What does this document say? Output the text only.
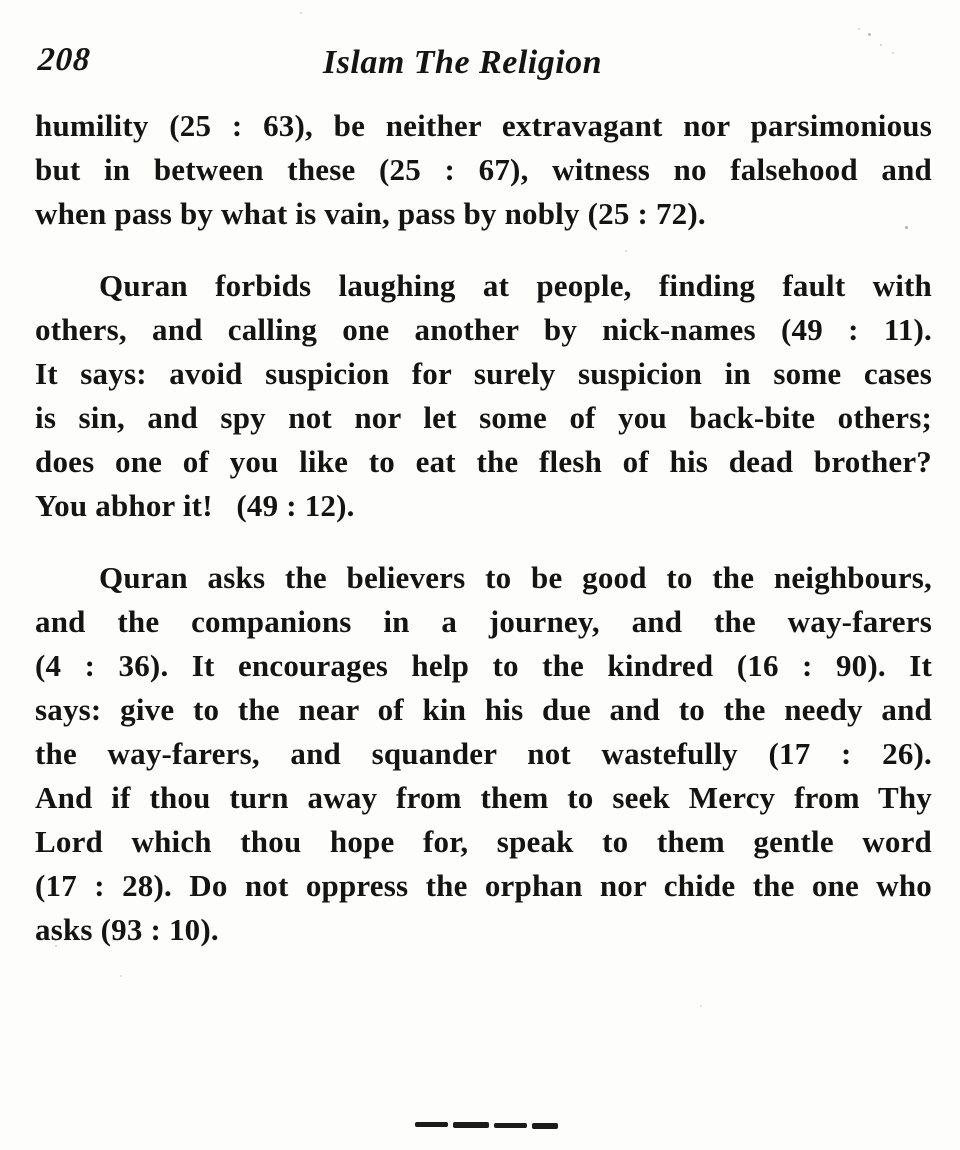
208	Islam The Religion
humility (25 : 63), be neither extravagant nor parsimonious
but in between these (25 : 67), witness no falsehood and
when pass by what is vain, pass by nobly (25 : 72).
Quran forbids laughing at people, finding fault with
others, and calling one another by nick-names (49 : 11).
It says: avoid suspicion for surely suspicion in some cases
is sin, and spy not nor let some of you back-bite others;
does one of you like to eat the flesh of his dead brother?
You abhor it!  (49 : 12).
Quran asks the believers to be good to the neighbours,
and the companions in a journey, and the way-farers
(4 : 36). It encourages help to the kindred (16 : 90). It
says: give to the near of kin his due and to the needy and
the way-farers, and squander not wastefully (17 : 26).
And if thou turn away from them to seek Mercy from Thy
Lord which thou hope for, speak to them gentle word
(17 : 28). Do not oppress the orphan nor chide the one who
asks (93 : 10).
